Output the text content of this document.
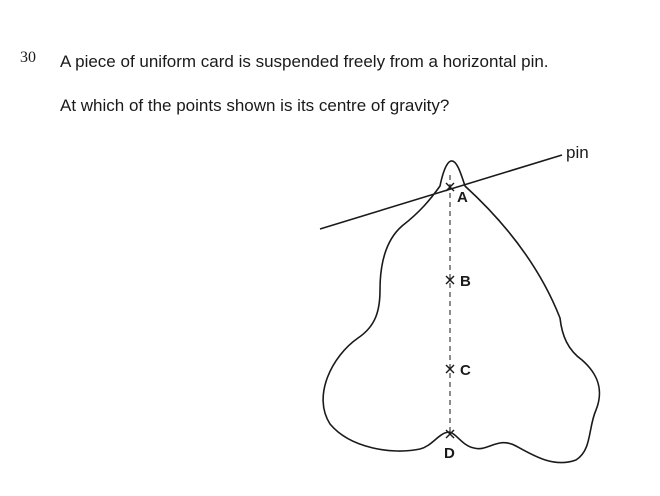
30 A piece of uniform card is suspended freely from a horizontal pin.
At which of the points shown is its centre of gravity?
A
B
C
D
pin
